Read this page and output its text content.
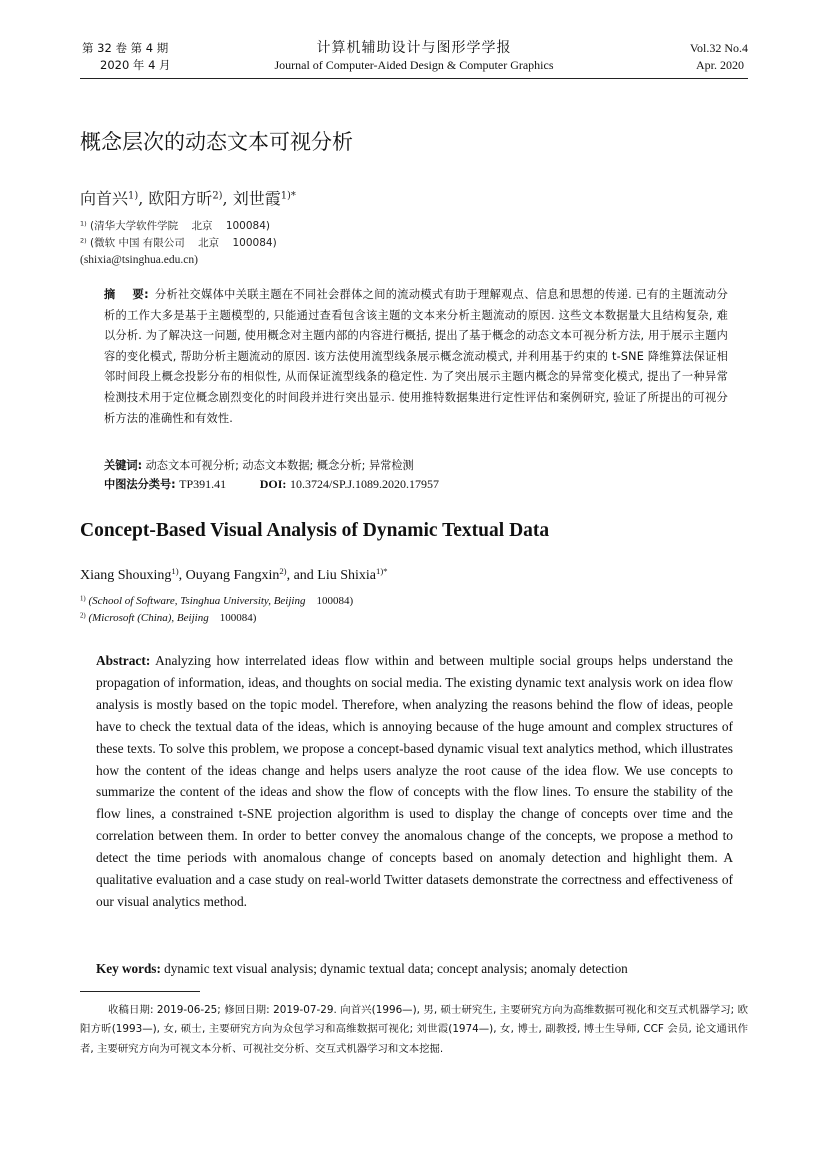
第 32 卷 第 4 期
2020 年 4 月
计算机辅助设计与图形学学报
Journal of Computer-Aided Design & Computer Graphics
Vol.32 No.4
Apr. 2020
概念层次的动态文本可视分析
向首兴$^{1)}$, 欧阳方昕$^{2)}$, 刘世霞$^{1)*}$
$^{1)}$ (清华大学软件学院    北京    100084)
$^{2)}$ (微软 中国 有限公司    北京    100084)
(shixia@tsinghua.edu.cn)
摘    要: 分析社交媒体中关联主题在不同社会群体之间的流动模式有助于理解观点、信息和思想的传递. 已有的主题流动分析的工作大多是基于主题模型的, 只能通过查看包含该主题的文本来分析主题流动的原因. 这些文本数据量大且结构复杂, 难以分析. 为了解决这一问题, 使用概念对主题内部的内容进行概括, 提出了基于概念的动态文本可视分析方法, 用于展示主题内容的变化模式, 帮助分析主题流动的原因. 该方法使用流型线条展示概念流动模式, 并利用基于约束的 t-SNE 降维算法保证相邻时间段上概念投影分布的相似性, 从而保证流型线条的稳定性. 为了突出展示主题内概念的异常变化模式, 提出了一种异常检测技术用于定位概念剧烈变化的时间段并进行突出显示. 使用推特数据集进行定性评估和案例研究, 验证了所提出的可视分析方法的准确性和有效性.
关键词: 动态文本可视分析; 动态文本数据; 概念分析; 异常检测
中图法分类号: TP391.41	DOI: 10.3724/SP.J.1089.2020.17957
Concept-Based Visual Analysis of Dynamic Textual Data
Xiang Shouxing$^{1)}$, Ouyang Fangxin$^{2)}$, and Liu Shixia$^{1)*}$
$^{1)}$ (School of Software, Tsinghua University, Beijing 100084)
$^{2)}$ (Microsoft (China), Beijing 100084)
Abstract: Analyzing how interrelated ideas flow within and between multiple social groups helps understand the propagation of information, ideas, and thoughts on social media. The existing dynamic text analysis work on idea flow analysis is mostly based on the topic model. Therefore, when analyzing the reasons behind the flow of ideas, people have to check the textual data of the ideas, which is annoying because of the huge amount and complex structures of these texts. To solve this problem, we propose a concept-based dynamic visual text analytics method, which illustrates how the content of the ideas change and helps users analyze the root cause of the idea flow. We use concepts to summarize the content of the ideas and show the flow of concepts with the flow lines. To ensure the stability of the flow lines, a constrained t-SNE projection algorithm is used to display the change of concepts over time and the correlation between them. In order to better convey the anomalous change of the concepts, we propose a method to detect the time periods with anomalous change of concepts based on anomaly detection and highlight them. A qualitative evaluation and a case study on real-world Twitter datasets demonstrate the correctness and effectiveness of our visual analytics method.
Key words: dynamic text visual analysis; dynamic textual data; concept analysis; anomaly detection
收稿日期: 2019-06-25; 修回日期: 2019-07-29. 向首兴(1996—), 男, 硕士研究生, 主要研究方向为高维数据可视化和交互式机器学习; 欧阳方昕(1993—), 女, 硕士, 主要研究方向为众包学习和高维数据可视化; 刘世霞(1974—), 女, 博士, 副教授, 博士生导师, CCF 会员, 论文通讯作者, 主要研究方向为可视文本分析、可视社交分析、交互式机器学习和文本挖掘.
